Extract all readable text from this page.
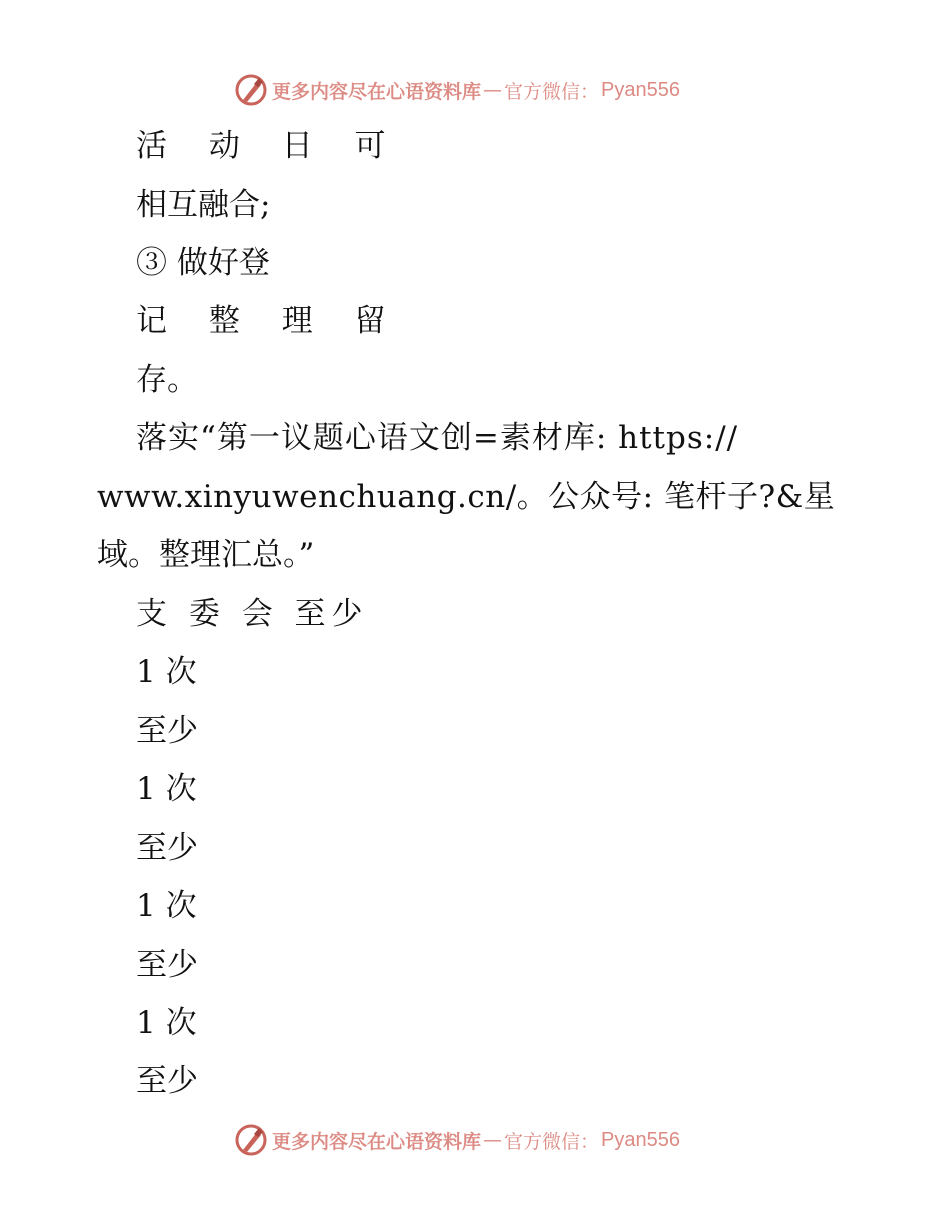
更多内容尽在心语资料库 — 官方微信： Pyan556
活 动 日 可
相互融合;
③ 做好登
记 整 理 留
存。
落实“第一议题心语文创=素材库: https://
www.xinyuwenchuang.cn/。公众号: 笔杆子?&星
域。整理汇总。”
支 委 会 至少
1 次
至少
1 次
至少
1 次
至少
1 次
至少
更多内容尽在心语资料库 — 官方微信： Pyan556
